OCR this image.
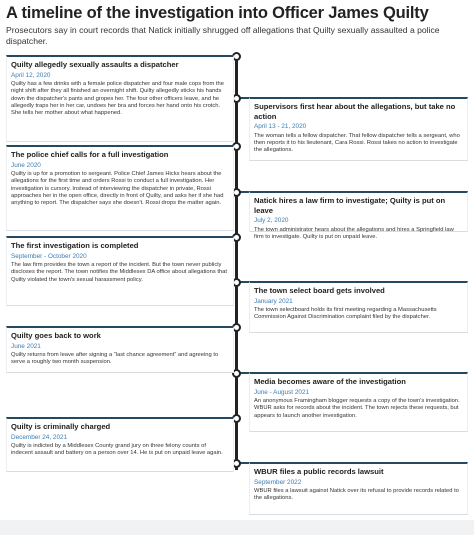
A timeline of the investigation into Officer James Quilty
Prosecutors say in court records that Natick initially shrugged off allegations that Quilty sexually assaulted a police dispatcher.
Quilty allegedly sexually assaults a dispatcher
April 12, 2020
Quilty has a few drinks with a female police dispatcher and four male cops from the night shift after they all finished an overnight shift. Quilty allegedly sticks his hands down the dispatcher's pants and gropes her. The four other officers leave, and he allegedly traps her in her car, undoes her bra and forces her hand onto his crotch. She tells her mother about what happened.
Supervisors first hear about the allegations, but take no action
April 13 - 21, 2020
The woman tells a fellow dispatcher. That fellow dispatcher tells a sergeant, who then reports it to his lieutenant, Cara Rossi. Rossi takes no action to investigate the allegations.
The police chief calls for a full investigation
June 2020
Quilty is up for a promotion to sergeant. Police Chief James Hicks hears about the allegations for the first time and orders Rossi to conduct a full investigation. Her investigation is cursory. Instead of interviewing the dispatcher in private, Rossi approaches her in the open office, directly in front of Quilty, and asks her if she had anything to report. The dispatcher says she doesn't. Rossi drops the matter again.	Natick hires a law firm to investigate; Quilty is put on leave
July 2, 2020
The town administrator hears about the allegations and hires a Springfield law firm to investigate. Quilty is put on unpaid leave.
The first investigation is completed
September - October 2020
The law firm provides the town a report of the incident. But the town never publicly discloses the report. The town notifies the Middlesex DA office about allegations that Quilty violated the town's sexual harassment policy.
The town select board gets involved
January 2021
The town selectboard holds its first meeting regarding a Massachusetts Commission Against Discrimination complaint filed by the dispatcher.
Quilty goes back to work
June 2021
Quilty returns from leave after signing a “last chance agreement” and agreeing to serve a roughly two month suspension.
Media becomes aware of the investigation
June - August 2021
An anonymous Framingham blogger requests a copy of the town's investigation. WBUR asks for records about the incident. The town rejects these requests, but appears to launch another investigation.
Quilty is criminally charged
December 24, 2021
Quilty is indicted by a Middlesex County grand jury on three felony counts of indecent assault and battery on a person over 14. He is put on unpaid leave again.
WBUR files a public records lawsuit
September 2022
WBUR files a lawsuit against Natick over its refusal to provide records related to the allegations.
